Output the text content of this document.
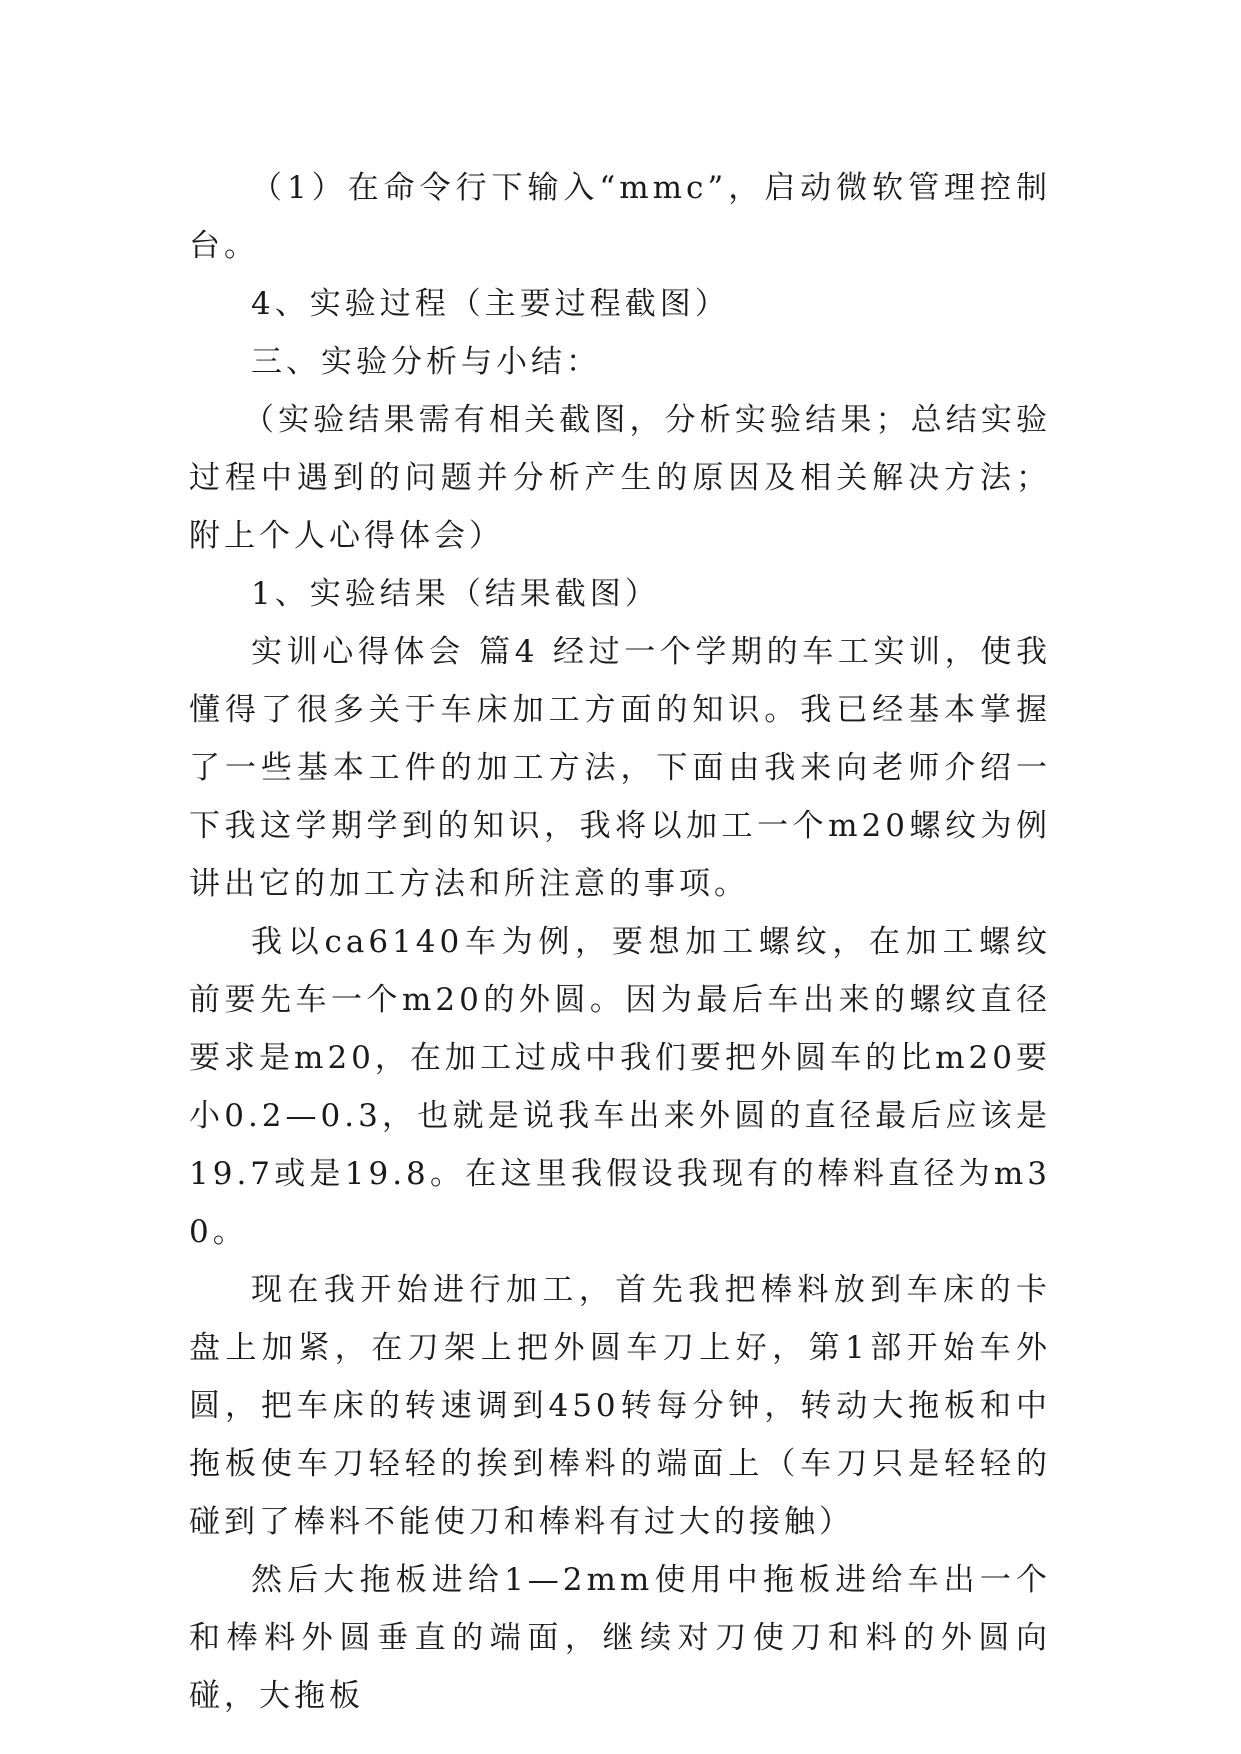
（1）在命令行下输入“mmc”，启动微软管理控制台。

4、实验过程（主要过程截图）

三、实验分析与小结：

（实验结果需有相关截图，分析实验结果；总结实验过程中遇到的问题并分析产生的原因及相关解决方法；附上个人心得体会）

1、实验结果（结果截图）

实训心得体会 篇4 经过一个学期的车工实训，使我懂得了很多关于车床加工方面的知识。我已经基本掌握了一些基本工件的加工方法，下面由我来向老师介绍一下我这学期学到的知识，我将以加工一个m20螺纹为例讲出它的加工方法和所注意的事项。

我以ca6140车为例，要想加工螺纹，在加工螺纹前要先车一个m20的外圆。因为最后车出来的螺纹直径要求是m20，在加工过成中我们要把外圆车的比m20要小0.2—0.3，也就是说我车出来外圆的直径最后应该是19.7或是19.8。在这里我假设我现有的棒料直径为m30。

现在我开始进行加工，首先我把棒料放到车床的卡盘上加紧，在刀架上把外圆车刀上好，第1部开始车外圆，把车床的转速调到450转每分钟，转动大拖板和中拖板使车刀轻轻的挨到棒料的端面上（车刀只是轻轻的碰到了棒料不能使刀和棒料有过大的接触）

然后大拖板进给1—2mm使用中拖板进给车出一个和棒料外圆垂直的端面，继续对刀使刀和料的外圆向碰，大拖板
